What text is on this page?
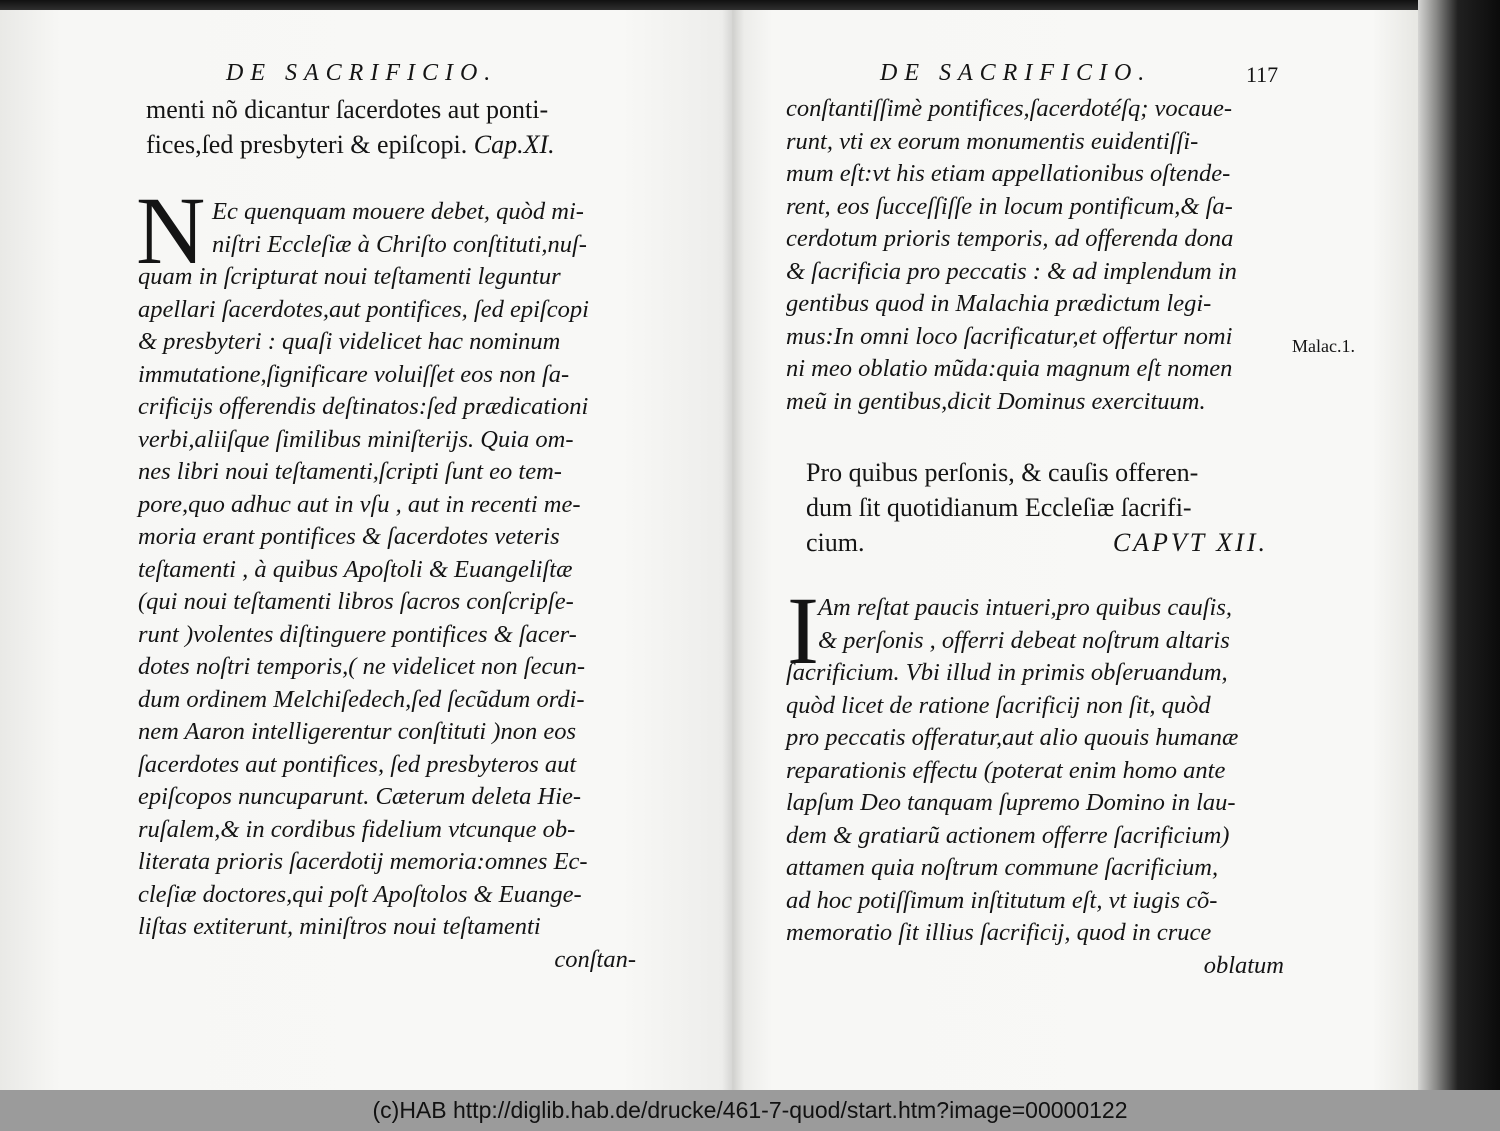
DE SACRIFICIO.
menti nõ dicantur ſacerdotes aut ponti-
fices,ſed presbyteri & epiſcopi. Cap.XI.
N Ec quenquam mouere debet, quòd mi-
niſtri Eccleſiæ à Chriſto conſtituti,nuſ-
quam in ſcripturat noui teſtamenti leguntur
apellari ſacerdotes,aut pontifices, ſed epiſcopi
& presbyteri : quaſi videlicet hac nominum
immutatione,ſignificare voluiſſet eos non ſa-
crificijs offerendis deſtinatos:ſed prædicationi
verbi,aliiſque ſimilibus miniſterijs. Quia om-
nes libri noui teſtamenti,ſcripti ſunt eo tem-
pore,quo adhuc aut in vſu , aut in recenti me-
moria erant pontifices & ſacerdotes veteris
teſtamenti , à quibus Apoſtoli & Euangeliſtæ
(qui noui teſtamenti libros ſacros conſcripſe-
runt )volentes diſtinguere pontifices & ſacer-
dotes noſtri temporis,( ne videlicet non ſecun-
dum ordinem Melchiſedech,ſed ſecũdum ordi-
nem Aaron intelligerentur conſtituti )non eos
ſacerdotes aut pontifices, ſed presbyteros aut
epiſcopos nuncuparunt. Cæterum deleta Hie-
ruſalem,& in cordibus fidelium vtcunque ob-
literata prioris ſacerdotij memoria:omnes Ec-
cleſiæ doctores,qui poſt Apoſtolos & Euange-
liſtas extiterunt, miniſtros noui teſtamenti
conſtan-
DE SACRIFICIO.	117
conſtantiſſimè pontifices,ſacerdotéſq; vocaue-
runt, vti ex eorum monumentis euidentiſſi-
mum eſt:vt his etiam appellationibus oſtende-
rent, eos ſucceſſiſſe in locum pontificum,& ſa-
cerdotum prioris temporis, ad offerenda dona
& ſacrificia pro peccatis : & ad implendum in
gentibus quod in Malachia prædictum legi-
mus:In omni loco ſacrificatur,et offertur nomi
ni meo oblatio mũda:quia magnum eſt nomen
meũ in gentibus,dicit Dominus exercituum.
Malac.1.
Pro quibus perſonis, & cauſis offeren-
dum ſit quotidianum Eccleſiæ ſacrifi-
cium.	CAPVT XII.
I Am reſtat paucis intueri,pro quibus cauſis,
& perſonis , offerri debeat noſtrum altaris
ſacrificium. Vbi illud in primis obſeruandum,
quòd licet de ratione ſacrificij non ſit, quòd
pro peccatis offeratur,aut alio quouis humanæ
reparationis effectu (poterat enim homo ante
lapſum Deo tanquam ſupremo Domino in lau-
dem & gratiarũ actionem offerre ſacrificium)
attamen quia noſtrum commune ſacrificium,
ad hoc potiſſimum inſtitutum eſt, vt iugis cõ-
memoratio ſit illius ſacrificij, quod in cruce
oblatum
(c)HAB http://diglib.hab.de/drucke/461-7-quod/start.htm?image=00000122
